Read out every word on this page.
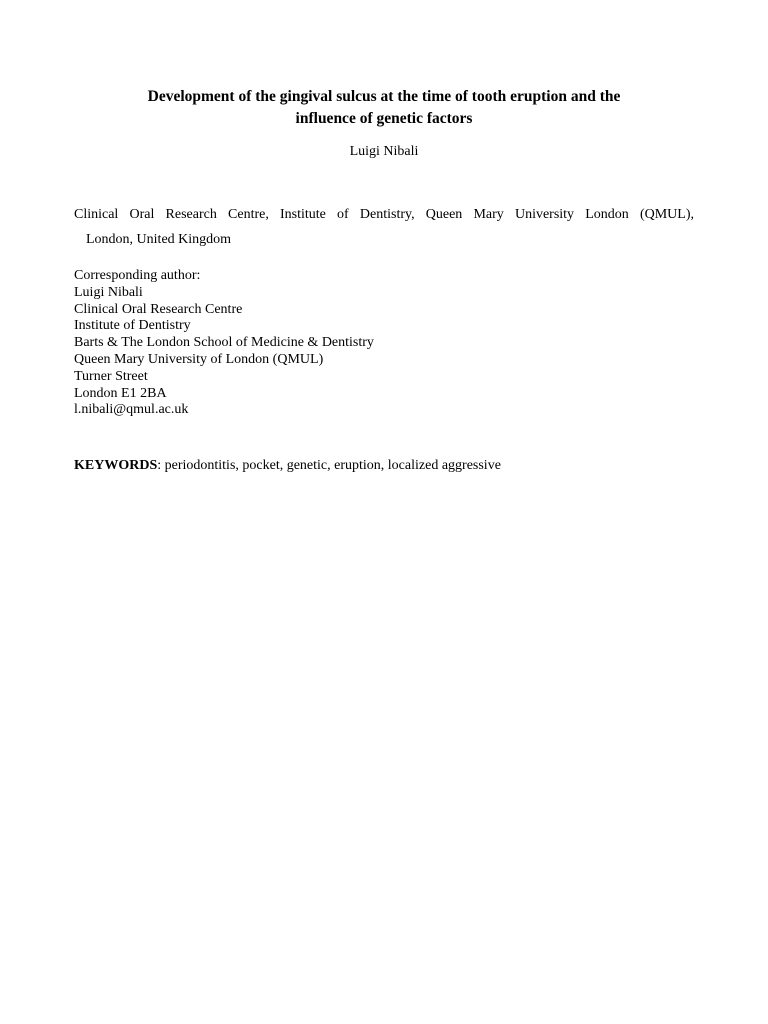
Development of the gingival sulcus at the time of tooth eruption and the
influence of genetic factors
Luigi Nibali
Clinical Oral Research Centre, Institute of Dentistry, Queen Mary University London (QMUL),
London, United Kingdom
Corresponding author:
Luigi Nibali
Clinical Oral Research Centre
Institute of Dentistry
Barts & The London School of Medicine & Dentistry
Queen Mary University of London (QMUL)
Turner Street
London E1 2BA
l.nibali@qmul.ac.uk
KEYWORDS: periodontitis, pocket, genetic, eruption, localized aggressive
